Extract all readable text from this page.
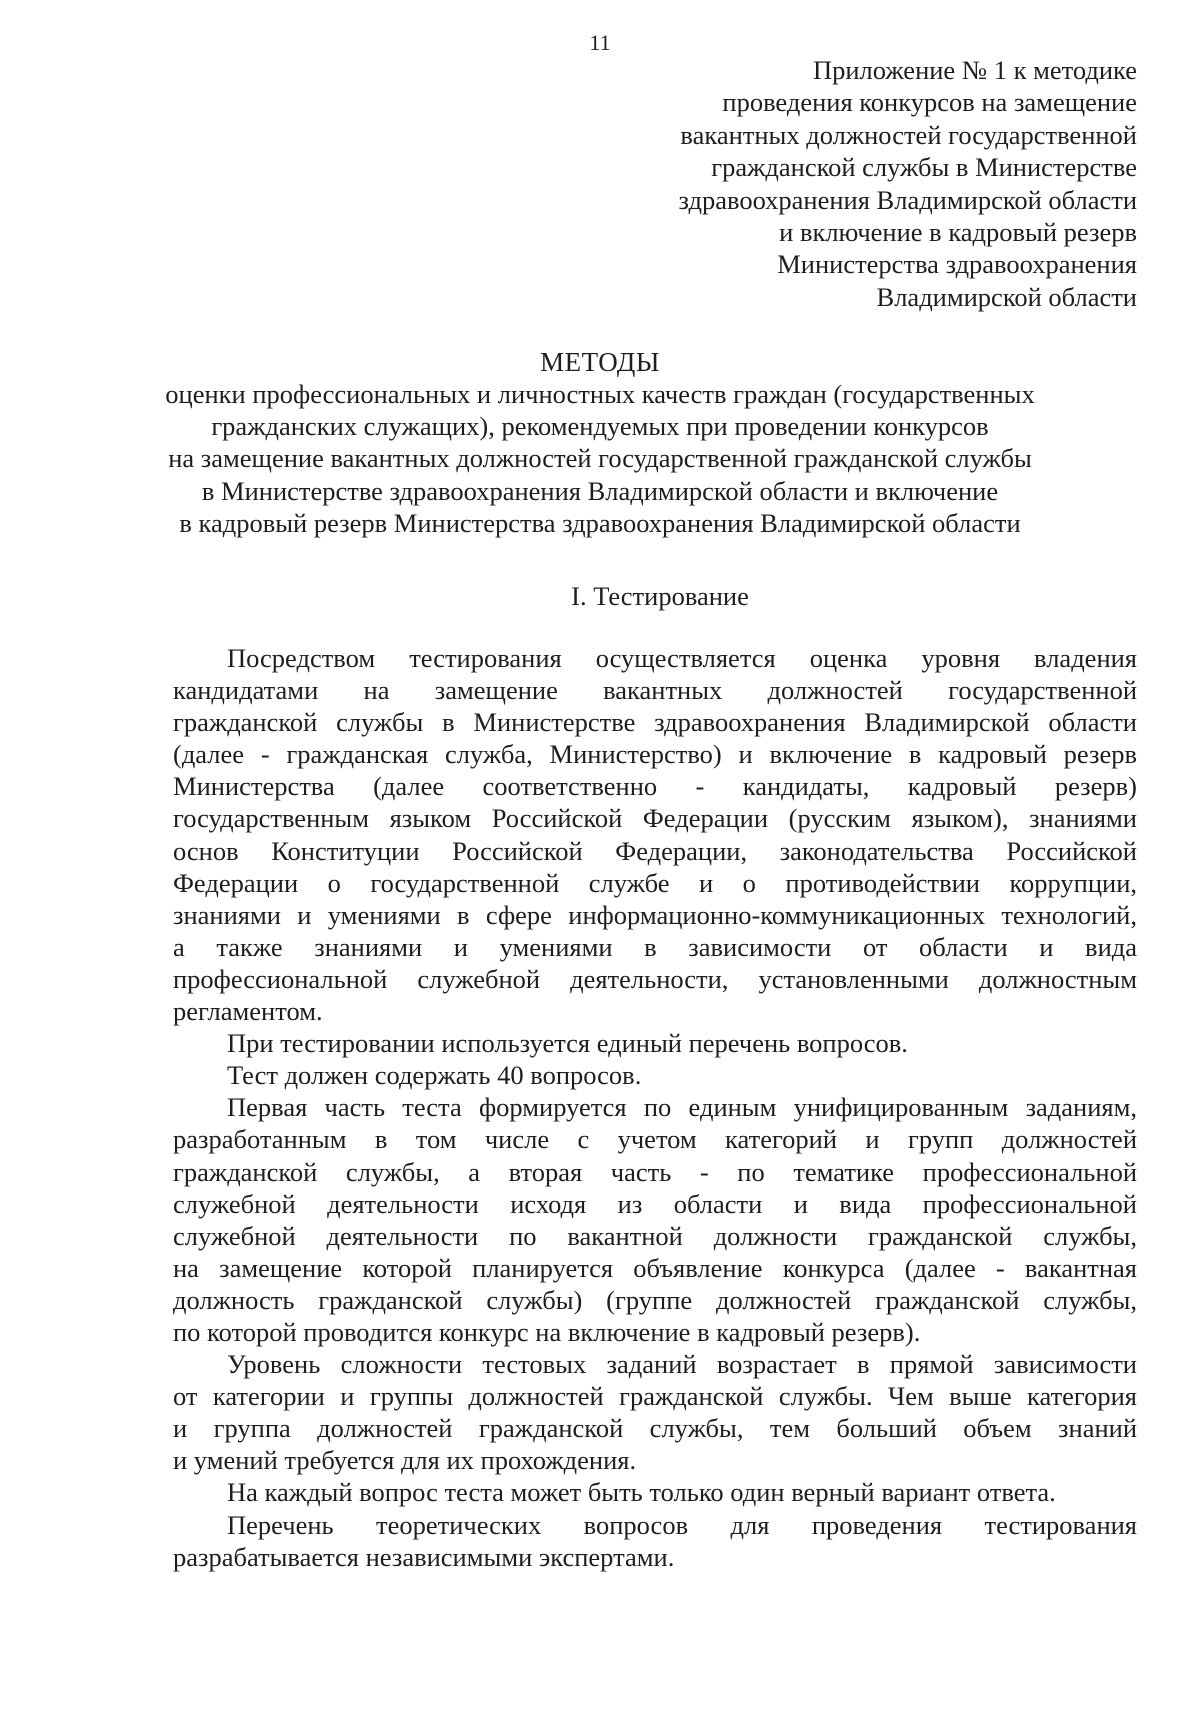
11
Приложение № 1 к методике
проведения конкурсов на замещение
вакантных должностей государственной
гражданской службы в Министерстве
здравоохранения Владимирской области
и включение в кадровый резерв
Министерства здравоохранения
Владимирской области
МЕТОДЫ
оценки профессиональных и личностных качеств граждан (государственных
гражданских служащих), рекомендуемых при проведении конкурсов
на замещение вакантных должностей государственной гражданской службы
в Министерстве здравоохранения Владимирской области и включение
в кадровый резерв Министерства здравоохранения Владимирской области
I. Тестирование

Посредством тестирования осуществляется оценка уровня владения
кандидатами на замещение вакантных должностей государственной
гражданской службы в Министерстве здравоохранения Владимирской области
(далее - гражданская служба, Министерство) и включение в кадровый резерв
Министерства (далее соответственно - кандидаты, кадровый резерв)
государственным языком Российской Федерации (русским языком), знаниями
основ Конституции Российской Федерации, законодательства Российской
Федерации о государственной службе и о противодействии коррупции,
знаниями и умениями в сфере информационно-коммуникационных технологий,
а также знаниями и умениями в зависимости от области и вида
профессиональной служебной деятельности, установленными должностным
регламентом.

При тестировании используется единый перечень вопросов.

Тест должен содержать 40 вопросов.

Первая часть теста формируется по единым унифицированным заданиям,
разработанным в том числе с учетом категорий и групп должностей
гражданской службы, а вторая часть - по тематике профессиональной
служебной деятельности исходя из области и вида профессиональной
служебной деятельности по вакантной должности гражданской службы,
на замещение которой планируется объявление конкурса (далее - вакантная
должность гражданской службы) (группе должностей гражданской службы,
по которой проводится конкурс на включение в кадровый резерв).

Уровень сложности тестовых заданий возрастает в прямой зависимости
от категории и группы должностей гражданской службы. Чем выше категория
и группа должностей гражданской службы, тем больший объем знаний
и умений требуется для их прохождения.

На каждый вопрос теста может быть только один верный вариант ответа.

Перечень теоретических вопросов для проведения тестирования
разрабатывается независимыми экспертами.
